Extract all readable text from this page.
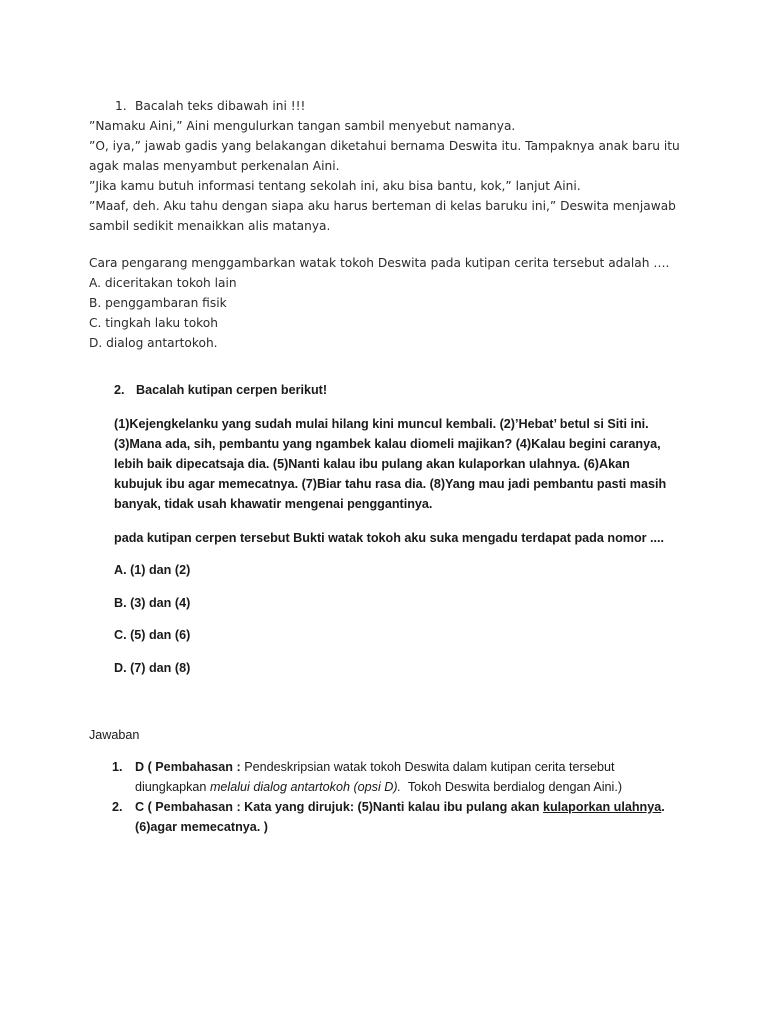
1. Bacalah teks dibawah ini !!!

”Namaku Aini,” Aini mengulurkan tangan sambil menyebut namanya.

”O, iya,” jawab gadis yang belakangan diketahui bernama Deswita itu. Tampaknya anak baru itu agak malas menyambut perkenalan Aini.

”Jika kamu butuh informasi tentang sekolah ini, aku bisa bantu, kok,” lanjut Aini.

”Maaf, deh. Aku tahu dengan siapa aku harus berteman di kelas baruku ini,” Deswita menjawab sambil sedikit menaikkan alis matanya.

Cara pengarang menggambarkan watak tokoh Deswita pada kutipan cerita tersebut adalah ….

A. diceritakan tokoh lain

B. penggambaran fisik

C. tingkah laku tokoh

D. dialog antartokoh.

2. Bacalah kutipan cerpen berikut!

(1)Kejengkelanku yang sudah mulai hilang kini muncul kembali. (2)’Hebat’ betul si Siti ini. (3)Mana ada, sih, pembantu yang ngambek kalau diomeli majikan? (4)Kalau begini caranya, lebih baik dipecatsaja dia. (5)Nanti kalau ibu pulang akan kulaporkan ulahnya. (6)Akan kubujuk ibu agar memecatnya. (7)Biar tahu rasa dia. (8)Yang mau jadi pembantu pasti masih banyak, tidak usah khawatir mengenai penggantinya.

pada kutipan cerpen tersebut Bukti watak tokoh aku suka mengadu terdapat pada nomor ....

A. (1) dan (2)

B. (3) dan (4)

C. (5) dan (6)

D. (7) dan (8)

Jawaban

1. D ( Pembahasan : Pendeskripsian watak tokoh Deswita dalam kutipan cerita tersebut diungkapkan melalui dialog antartokoh (opsi D).  Tokoh Deswita berdialog dengan Aini.)
2. C ( Pembahasan : Kata yang dirujuk: (5)Nanti kalau ibu pulang akan kulaporkan ulahnya. (6)agar memecatnya. )
